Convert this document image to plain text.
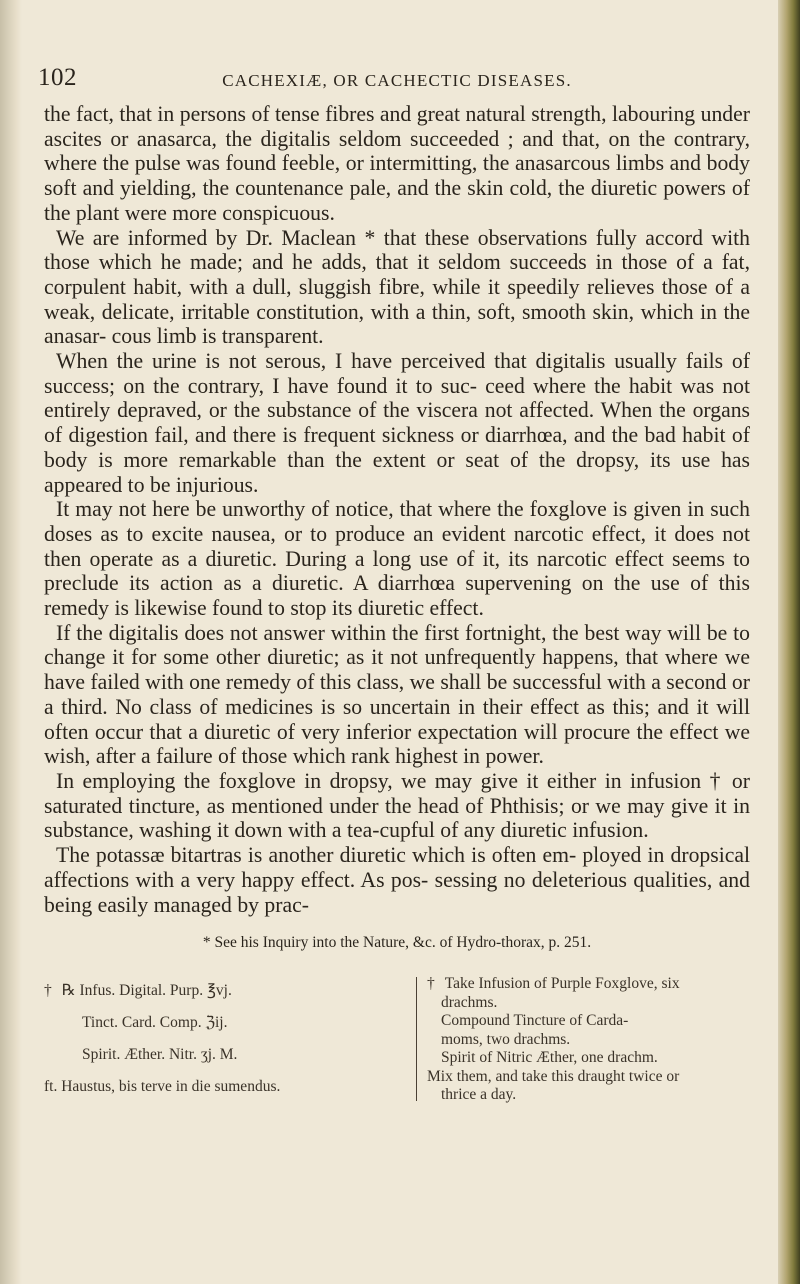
102	CACHEXIÆ, OR CACHECTIC DISEASES.

the fact, that in persons of tense fibres and great natural strength, labouring under ascites or anasarca, the digitalis seldom succeeded ; and that, on the contrary, where the pulse was found feeble, or intermitting, the anasarcous limbs and body soft and yielding, the countenance pale, and the skin cold, the diuretic powers of the plant were more conspicuous.

We are informed by Dr. Maclean * that these observations fully accord with those which he made; and he adds, that it seldom succeeds in those of a fat, corpulent habit, with a dull, sluggish fibre, while it speedily relieves those of a weak, delicate, irritable constitution, with a thin, soft, smooth skin, which in the anasar- cous limb is transparent.

When the urine is not serous, I have perceived that digitalis usually fails of success; on the contrary, I have found it to suc- ceed where the habit was not entirely depraved, or the substance of the viscera not affected. When the organs of digestion fail, and there is frequent sickness or diarrhœa, and the bad habit of body is more remarkable than the extent or seat of the dropsy, its use has appeared to be injurious.

It may not here be unworthy of notice, that where the foxglove is given in such doses as to excite nausea, or to produce an evident narcotic effect, it does not then operate as a diuretic. During a long use of it, its narcotic effect seems to preclude its action as a diuretic. A diarrhœa supervening on the use of this remedy is likewise found to stop its diuretic effect.

If the digitalis does not answer within the first fortnight, the best way will be to change it for some other diuretic; as it not unfrequently happens, that where we have failed with one remedy of this class, we shall be successful with a second or a third. No class of medicines is so uncertain in their effect as this; and it will often occur that a diuretic of very inferior expectation will procure the effect we wish, after a failure of those which rank highest in power.

In employing the foxglove in dropsy, we may give it either in infusion † or saturated tincture, as mentioned under the head of Phthisis; or we may give it in substance, washing it down with a tea-cupful of any diuretic infusion.

The potassæ bitartras is another diuretic which is often em- ployed in dropsical affections with a very happy effect. As pos- sessing no deleterious qualities, and being easily managed by prac-

* See his Inquiry into the Nature, &c. of Hydro-thorax, p. 251.
† ℞ Infus. Digital. Purp. ℥vj.
Tinct. Card. Comp. ℨij.
Spirit. Æther. Nitr. ʒj. M.
ft. Haustus, bis terve in die sumendus.
† Take Infusion of Purple Foxglove, six
drachms.
Compound Tincture of Carda-
moms, two drachms.
Spirit of Nitric Æther, one drachm.
Mix them, and take this draught twice or
thrice a day.
